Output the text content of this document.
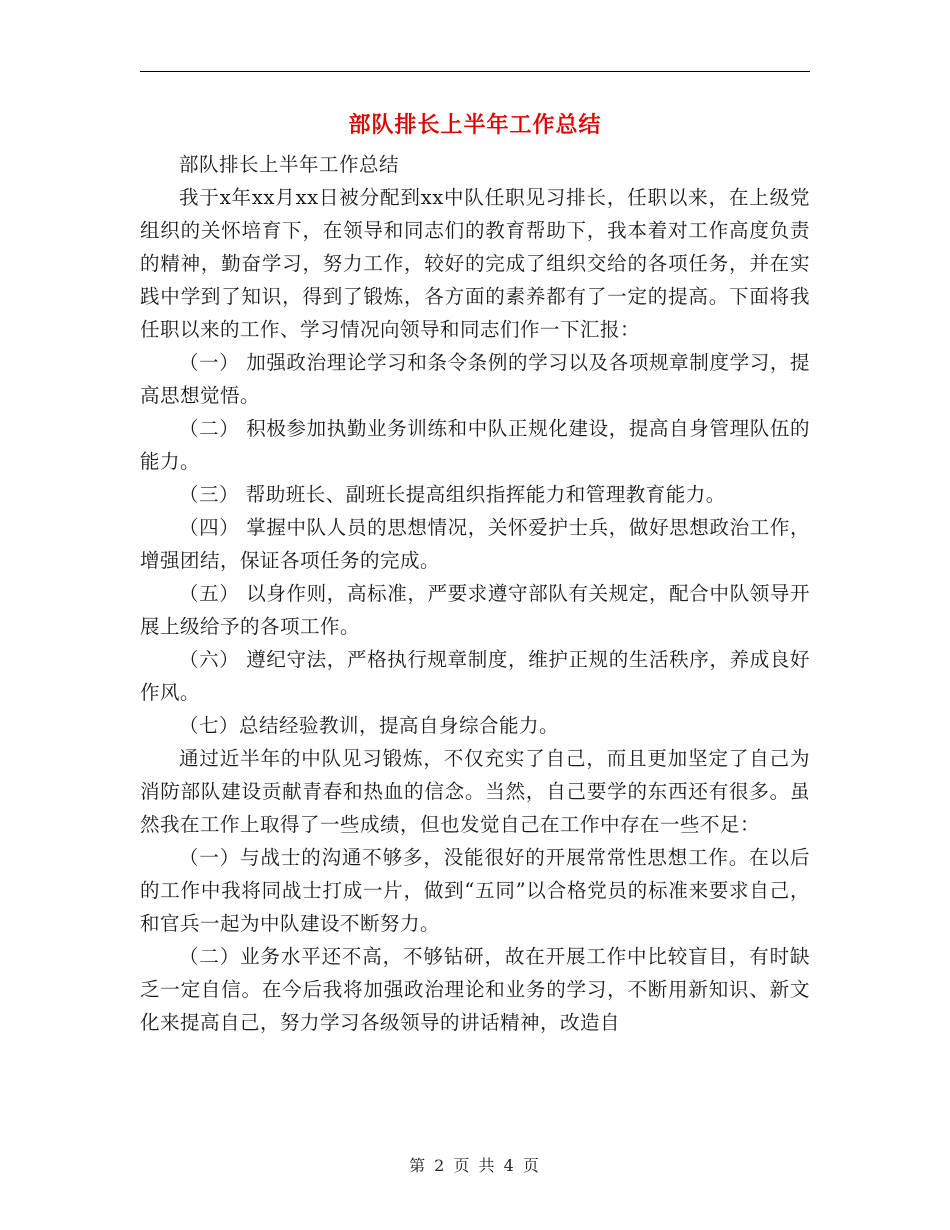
部队排长上半年工作总结

部队排长上半年工作总结

我于x年xx月xx日被分配到xx中队任职见习排长，任职以来，在上级党组织的关怀培育下，在领导和同志们的教育帮助下，我本着对工作高度负责的精神，勤奋学习，努力工作，较好的完成了组织交给的各项任务，并在实践中学到了知识，得到了锻炼，各方面的素养都有了一定的提高。下面将我任职以来的工作、学习情况向领导和同志们作一下汇报：

（一） 加强政治理论学习和条令条例的学习以及各项规章制度学习，提高思想觉悟。

（二） 积极参加执勤业务训练和中队正规化建设，提高自身管理队伍的能力。

（三） 帮助班长、副班长提高组织指挥能力和管理教育能力。

（四） 掌握中队人员的思想情况，关怀爱护士兵，做好思想政治工作，增强团结，保证各项任务的完成。

（五） 以身作则，高标准，严要求遵守部队有关规定，配合中队领导开展上级给予的各项工作。

（六） 遵纪守法，严格执行规章制度，维护正规的生活秩序，养成良好作风。

（七）总结经验教训，提高自身综合能力。

通过近半年的中队见习锻炼，不仅充实了自己，而且更加坚定了自己为消防部队建设贡献青春和热血的信念。当然，自己要学的东西还有很多。虽然我在工作上取得了一些成绩，但也发觉自己在工作中存在一些不足：

（一）与战士的沟通不够多，没能很好的开展常常性思想工作。在以后的工作中我将同战士打成一片，做到“五同”以合格党员的标准来要求自己，和官兵一起为中队建设不断努力。

（二）业务水平还不高，不够钻研，故在开展工作中比较盲目，有时缺乏一定自信。在今后我将加强政治理论和业务的学习，不断用新知识、新文化来提高自己，努力学习各级领导的讲话精神，改造自

第 2 页 共 4 页
